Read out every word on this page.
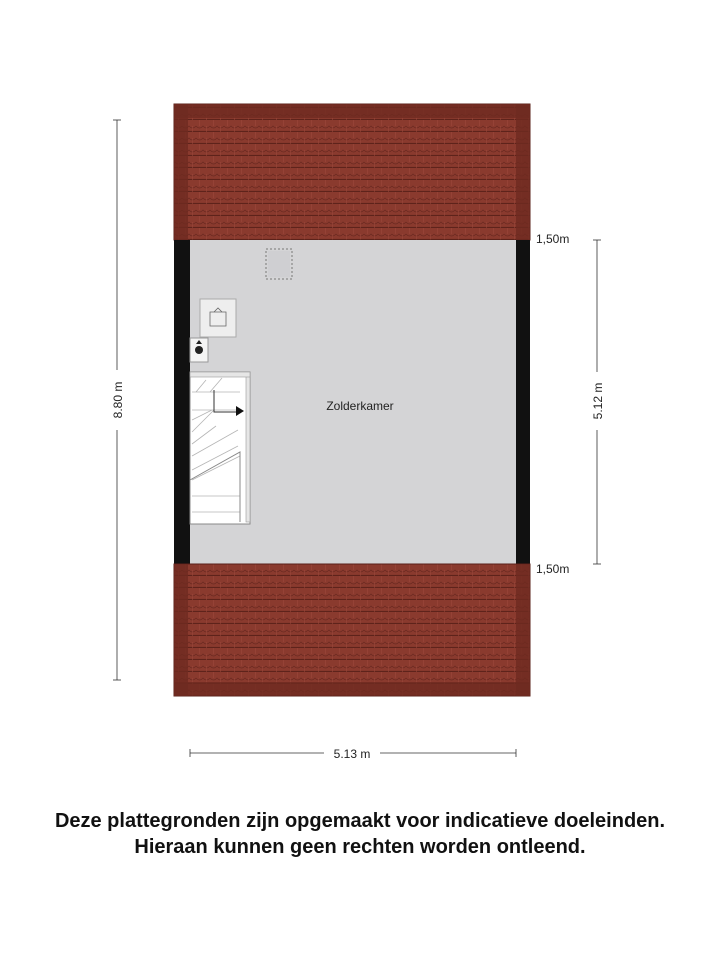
Zolderkamer
8.80 m	5.12 m
1,50m
1,50m
5.13 m
Deze plattegronden zijn opgemaakt voor indicatieve doeleinden.
Hieraan kunnen geen rechten worden ontleend.
